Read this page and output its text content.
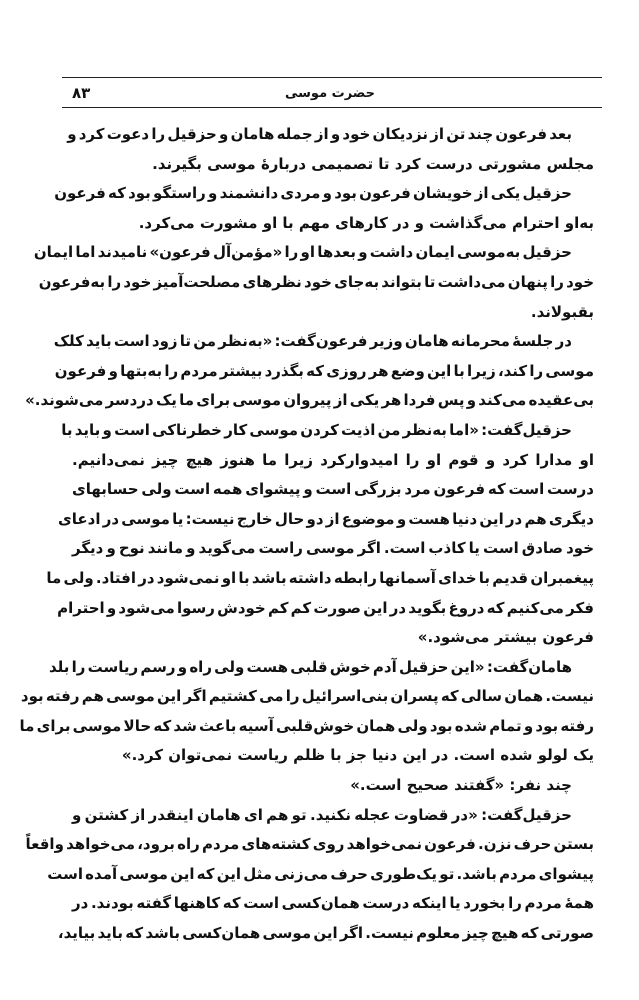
حضرت موسی
۸۳
بعد فرعون چند تن از نزدیکان خود و از جمله هامان و حزقیل را دعوت کرد و
مجلس مشورتی درست کرد تا تصمیمی دربارهٔ موسی بگیرند.
حزقیل یکی از خویشان فرعون بود و مردی دانشمند و راستگو بود که فرعون
به‌او احترام می‌گذاشت و در کارهای مهم با او مشورت می‌کرد.
حزقیل به‌موسی ایمان داشت و بعدها او را «مؤمن‌آل فرعون» نامیدند اما ایمان
خود را پنهان می‌داشت تا بتواند به‌جای خود نظرهای مصلحت‌آمیز خود را به‌فرعون
بقبولاند.
در جلسهٔ محرمانه هامان وزیر فرعون‌گفت: «به‌نظر من تا زود است باید کلک
موسی را کند، زیرا با این وضع هر روزی که بگذرد بیشتر مردم را به‌بتها و فرعون
بی‌عقیده می‌کند و پس فردا هر یکی از پیروان موسی برای ما یک دردسر می‌شوند.»
حزقیل‌گفت: «اما به‌نظر من اذیت کردن موسی کار خطرناکی است و باید با
او مدارا کرد و قوم او را امیدوارکرد زیرا ما هنوز هیچ چیز نمی‌دانیم.
درست است که فرعون مرد بزرگی است و پیشوای همه است ولی حسابهای
دیگری هم در این دنیا هست و موضوع از دو حال خارج نیست: یا موسی در ادعای
خود صادق است یا کاذب است. اگر موسی راست می‌گوید و مانند نوح و دیگر
پیغمبران قدیم با خدای آسمانها رابطه داشته باشد با او نمی‌شود در افتاد. ولی ما
فکر می‌کنیم که دروغ بگوید در این صورت کم کم خودش رسوا می‌شود و احترام
فرعون بیشتر می‌شود.»
هامان‌گفت: «این حزقیل آدم خوش قلبی هست ولی راه و رسم ریاست را بلد
نیست. همان سالی که پسران بنی‌اسرائیل را می کشتیم اگر این موسی هم رفته بود
رفته بود و تمام شده بود ولی همان خوش‌قلبی آسیه باعث شد که حالا موسی برای ما
یک لولو شده است. در این دنیا جز با ظلم ریاست نمی‌توان کرد.»
چند نفر: «گفتند صحیح است.»
حزقیل‌گفت: «در قضاوت عجله نکنید. تو هم ای هامان اینقدر از کشتن و
بستن حرف نزن. فرعون نمی‌خواهد روی کشته‌های مردم راه برود، می‌خواهد واقعاً
پیشوای مردم باشد. تو یک‌طوری حرف می‌زنی مثل این که این موسی آمده است
همهٔ مردم را بخورد یا اینکه درست همان‌کسی است که کاهنها گفته بودند. در
صورتی که هیچ چیز معلوم نیست. اگر این موسی همان‌کسی باشد که باید بیاید،
